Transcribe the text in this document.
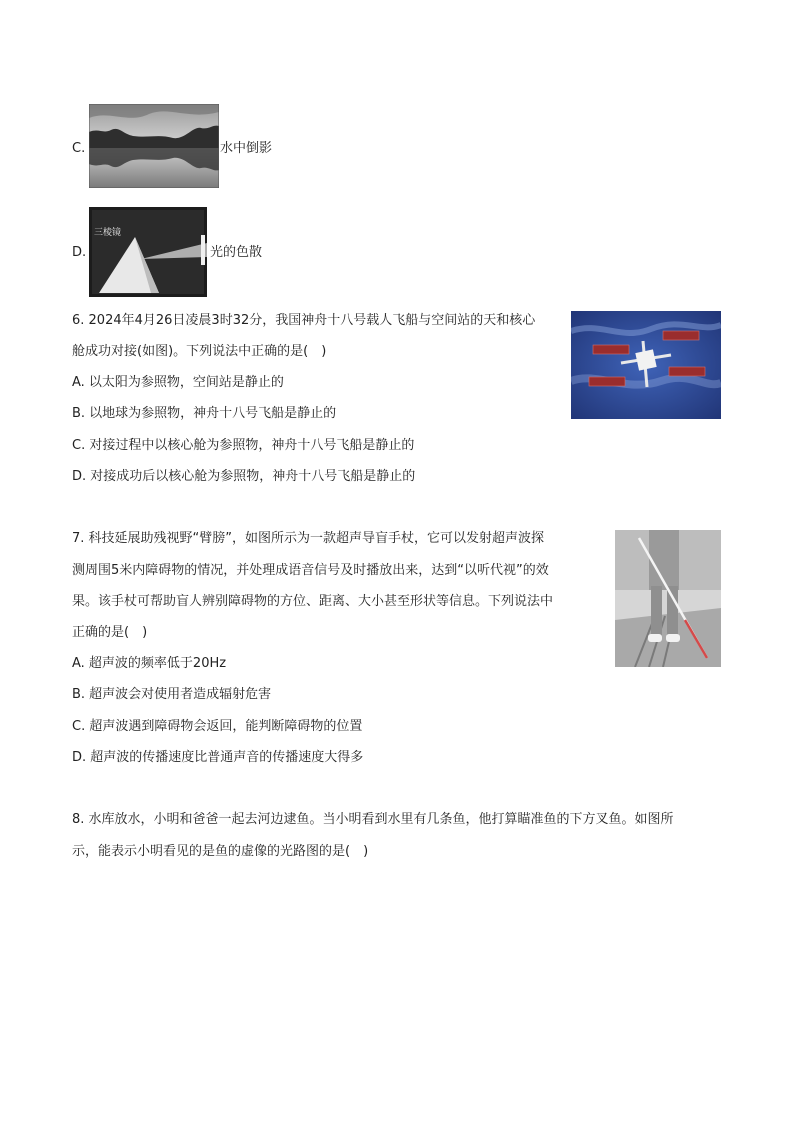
C.	水中倒影
D.
三棱镜
光的色散
6. 2024年4月26日凌晨3时32分，我国神舟十八号载人飞船与空间站的天和核心
舱成功对接(如图)。下列说法中正确的是(　)
A. 以太阳为参照物，空间站是静止的
B. 以地球为参照物，神舟十八号飞船是静止的
C. 对接过程中以核心舱为参照物，神舟十八号飞船是静止的
D. 对接成功后以核心舱为参照物，神舟十八号飞船是静止的
7. 科技延展助残视野“臂膀”，如图所示为一款超声导盲手杖，它可以发射超声波探
测周围5米内障碍物的情况，并处理成语音信号及时播放出来，达到“以听代视”的效
果。该手杖可帮助盲人辨别障碍物的方位、距离、大小甚至形状等信息。下列说法中
正确的是(　)
A. 超声波的频率低于20Hz
B. 超声波会对使用者造成辐射危害
C. 超声波遇到障碍物会返回，能判断障碍物的位置
D. 超声波的传播速度比普通声音的传播速度大得多
8. 水库放水，小明和爸爸一起去河边逮鱼。当小明看到水里有几条鱼，他打算瞄准鱼的下方叉鱼。如图所
示，能表示小明看见的是鱼的虚像的光路图的是(　)
